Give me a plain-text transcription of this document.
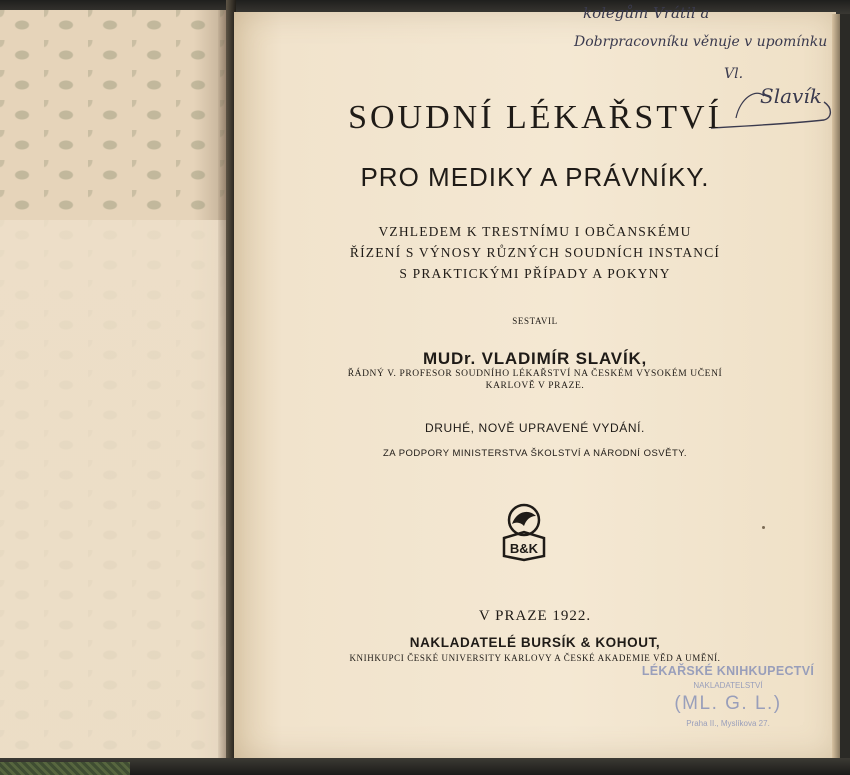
kolegům Vrátil a
Dobrpracovníku věnuje v upomínku
Vl.
Slavík
SOUDNÍ LÉKAŘSTVÍ
PRO MEDIKY A PRÁVNÍKY.
VZHLEDEM K TRESTNÍMU I OBČANSKÉMU
ŘÍZENÍ S VÝNOSY RŮZNÝCH SOUDNÍCH INSTANCÍ
S PRAKTICKÝMI PŘÍPADY A POKYNY
SESTAVIL
MUDr. VLADIMÍR SLAVÍK,
ŘÁDNÝ V. PROFESOR SOUDNÍHO LÉKAŘSTVÍ NA ČESKÉM VYSOKÉM UČENÍ
KARLOVĚ V PRAZE.
DRUHÉ, NOVĚ UPRAVENÉ VYDÁNÍ.
ZA PODPORY MINISTERSTVA ŠKOLSTVÍ A NÁRODNÍ OSVĚTY.
B&K
V PRAZE 1922.
NAKLADATELÉ BURSÍK & KOHOUT,
KNIHKUPCI ČESKÉ UNIVERSITY KARLOVY A ČESKÉ AKADEMIE VĚD A UMĚNÍ.
LÉKAŘSKÉ KNIHKUPECTVÍ
NAKLADATELSTVÍ
(ML. G. L.)
Praha II., Myslíkova 27.
